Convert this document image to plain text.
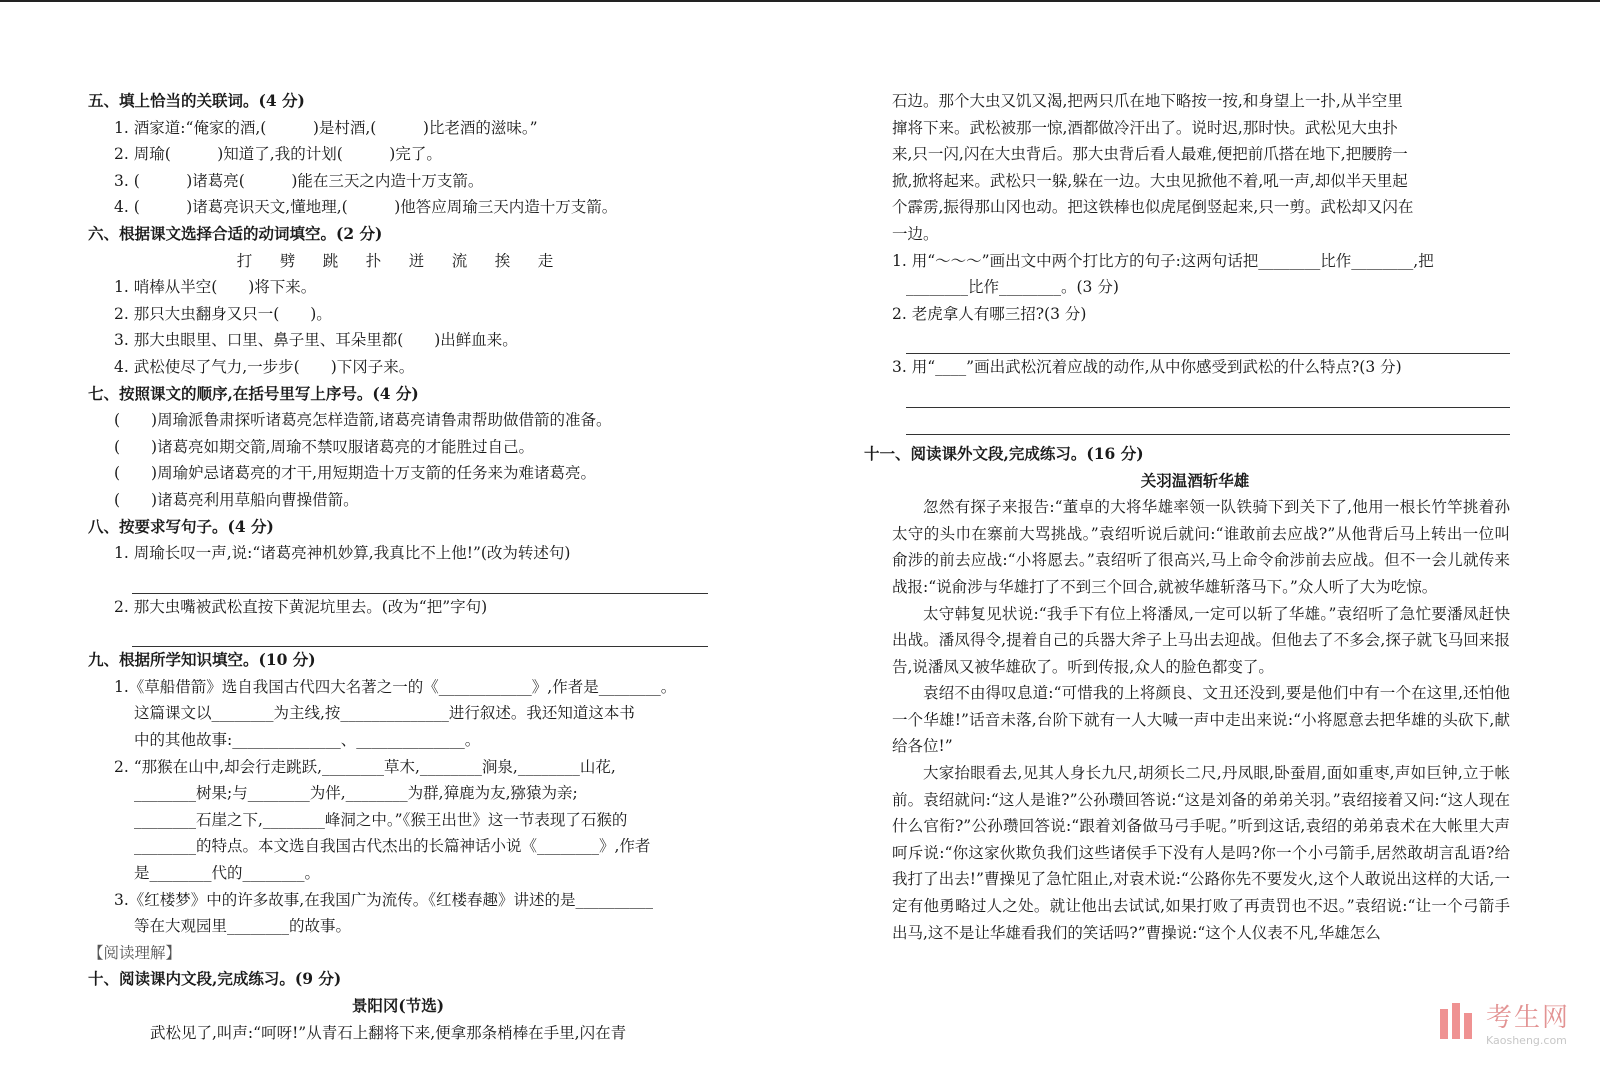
五、填上恰当的关联词。(4 分)
1. 酒家道:“俺家的酒,(　　　)是村酒,(　　　)比老酒的滋味。”
2. 周瑜(　　　)知道了,我的计划(　　　)完了。
3. (　　　)诸葛亮(　　　)能在三天之内造十万支箭。
4. (　　　)诸葛亮识天文,懂地理,(　　　)他答应周瑜三天内造十万支箭。
六、根据课文选择合适的动词填空。(2 分)
打　劈　跳　扑　迸　流　挨　走
1. 哨棒从半空(　　)将下来。
2. 那只大虫翻身又只一(　　)。
3. 那大虫眼里、口里、鼻子里、耳朵里都(　　)出鲜血来。
4. 武松使尽了气力,一步步(　　)下冈子来。
七、按照课文的顺序,在括号里写上序号。(4 分)
(　　)周瑜派鲁肃探听诸葛亮怎样造箭,诸葛亮请鲁肃帮助做借箭的准备。
(　　)诸葛亮如期交箭,周瑜不禁叹服诸葛亮的才能胜过自己。
(　　)周瑜妒忌诸葛亮的才干,用短期造十万支箭的任务来为难诸葛亮。
(　　)诸葛亮利用草船向曹操借箭。
八、按要求写句子。(4 分)
1. 周瑜长叹一声,说:“诸葛亮神机妙算,我真比不上他!”(改为转述句)
2. 那大虫嘴被武松直按下黄泥坑里去。(改为“把”字句)
九、根据所学知识填空。(10 分)
1.《草船借箭》选自我国古代四大名著之一的《____________》,作者是________。
这篇课文以________为主线,按______________进行叙述。我还知道这本书
中的其他故事:______________、______________。
2. “那猴在山中,却会行走跳跃,________草木,________涧泉,________山花,
________树果;与________为伴,________为群,獐鹿为友,猕猿为亲;
________石崖之下,________峰洞之中。”《猴王出世》这一节表现了石猴的
________的特点。本文选自我国古代杰出的长篇神话小说《________》,作者
是________代的________。
3.《红楼梦》中的许多故事,在我国广为流传。《红楼春趣》讲述的是__________
等在大观园里________的故事。
【阅读理解】
十、阅读课内文段,完成练习。(9 分)
景阳冈(节选)
武松见了,叫声:“呵呀!”从青石上翻将下来,便拿那条梢棒在手里,闪在青
石边。那个大虫又饥又渴,把两只爪在地下略按一按,和身望上一扑,从半空里
撺将下来。武松被那一惊,酒都做冷汗出了。说时迟,那时快。武松见大虫扑
来,只一闪,闪在大虫背后。那大虫背后看人最难,便把前爪搭在地下,把腰胯一
掀,掀将起来。武松只一躲,躲在一边。大虫见掀他不着,吼一声,却似半天里起
个霹雳,振得那山冈也动。把这铁棒也似虎尾倒竖起来,只一剪。武松却又闪在
一边。
1. 用“～～～”画出文中两个打比方的句子:这两句话把________比作________,把
________比作________。(3 分)
2. 老虎拿人有哪三招?(3 分)
3. 用“____”画出武松沉着应战的动作,从中你感受到武松的什么特点?(3 分)
十一、阅读课外文段,完成练习。(16 分)
关羽温酒斩华雄
忽然有探子来报告:“董卓的大将华雄率领一队铁骑下到关下了,他用一根长竹竿挑着孙太守的头巾在寨前大骂挑战。”袁绍听说后就问:“谁敢前去应战?”从他背后马上转出一位叫俞涉的前去应战:“小将愿去。”袁绍听了很高兴,马上命令俞涉前去应战。但不一会儿就传来战报:“说俞涉与华雄打了不到三个回合,就被华雄斩落马下。”众人听了大为吃惊。
太守韩复见状说:“我手下有位上将潘凤,一定可以斩了华雄。”袁绍听了急忙要潘凤赶快出战。潘凤得令,提着自己的兵器大斧子上马出去迎战。但他去了不多会,探子就飞马回来报告,说潘凤又被华雄砍了。听到传报,众人的脸色都变了。
袁绍不由得叹息道:“可惜我的上将颜良、文丑还没到,要是他们中有一个在这里,还怕他一个华雄!”话音未落,台阶下就有一人大喊一声中走出来说:“小将愿意去把华雄的头砍下,献给各位!”
大家抬眼看去,见其人身长九尺,胡须长二尺,丹凤眼,卧蚕眉,面如重枣,声如巨钟,立于帐前。袁绍就问:“这人是谁?”公孙瓒回答说:“这是刘备的弟弟关羽。”袁绍接着又问:“这人现在什么官衔?”公孙瓒回答说:“跟着刘备做马弓手呢。”听到这话,袁绍的弟弟袁术在大帐里大声呵斥说:“你这家伙欺负我们这些诸侯手下没有人是吗?你一个小弓箭手,居然敢胡言乱语?给我打了出去!”曹操见了急忙阻止,对袁术说:“公路你先不要发火,这个人敢说出这样的大话,一定有他勇略过人之处。就让他出去试试,如果打败了再责罚也不迟。”袁绍说:“让一个弓箭手出马,这不是让华雄看我们的笑话吗?”曹操说:“这个人仪表不凡,华雄怎么
考生网
Kaosheng.com
